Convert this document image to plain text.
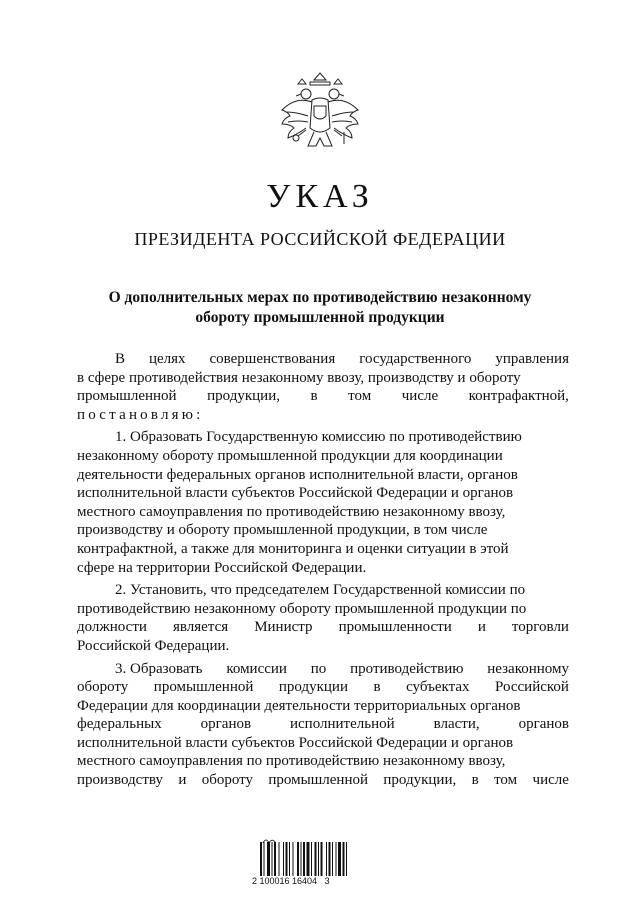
УКАЗ
ПРЕЗИДЕНТА РОССИЙСКОЙ ФЕДЕРАЦИИ
О дополнительных мерах по противодействию незаконному
обороту промышленной продукции
В целях совершенствования государственного управления
в сфере противодействия незаконному ввозу, производству и обороту
промышленной продукции, в том числе контрафактной,
постановляю:
1. Образовать Государственную комиссию по противодействию
незаконному обороту промышленной продукции для координации
деятельности федеральных органов исполнительной власти, органов
исполнительной власти субъектов Российской Федерации и органов
местного самоуправления по противодействию незаконному ввозу,
производству и обороту промышленной продукции, в том числе
контрафактной, а также для мониторинга и оценки ситуации в этой
сфере на территории Российской Федерации.
2. Установить, что председателем Государственной комиссии по
противодействию незаконному обороту промышленной продукции по
должности является Министр промышленности и торговли
Российской Федерации.
3. Образовать комиссии по противодействию незаконному
обороту промышленной продукции в субъектах Российской
Федерации для координации деятельности территориальных органов
федеральных	органов	исполнительной	власти,	органов
исполнительной власти субъектов Российской Федерации и органов
местного самоуправления по противодействию незаконному ввозу,
производству и обороту промышленной продукции, в том числе
2 100016 16404   3
